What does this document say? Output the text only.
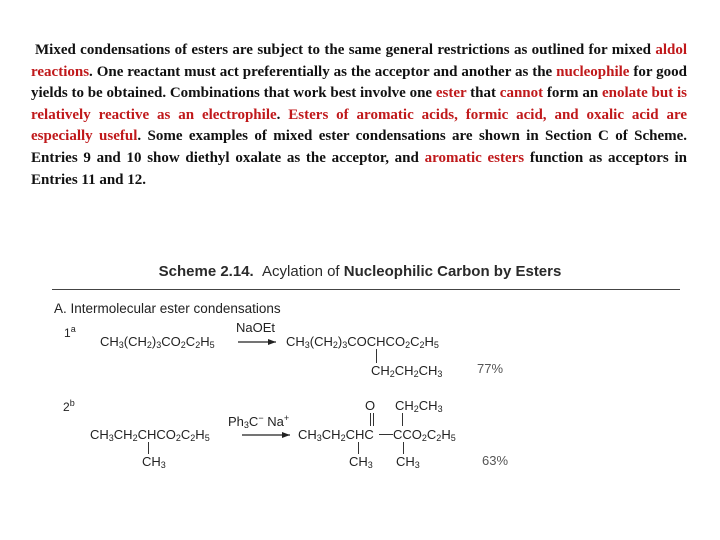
Mixed condensations of esters are subject to the same general restrictions as outlined for mixed aldol reactions. One reactant must act preferentially as the acceptor and another as the nucleophile for good yields to be obtained. Combinations that work best involve one ester that cannot form an enolate but is relatively reactive as an electrophile. Esters of aromatic acids, formic acid, and oxalic acid are especially useful. Some examples of mixed ester condensations are shown in Section C of Scheme. Entries 9 and 10 show diethyl oxalate as the acceptor, and aromatic esters function as acceptors in Entries 11 and 12.
Scheme 2.14. Acylation of Nucleophilic Carbon by Esters
A. Intermolecular ester condensations
1$^a$
$CH_3(CH_2)_3CO_2C_2H_5$
NaOEt
→ $CH_3(CH_2)_3COCHCO_2C_2H_5$
$CH_2CH_2CH_3$	77%
2$^b$
$CH_3CH_2CHCO_2C_2H_5$
$CH_3$
$Ph_3C^-$ Na+
O $CH_2CH_3$
$CH_3CH_2CHC$ $CCO_2C_2H_5$
$CH_3$ $CH_3$	63%
